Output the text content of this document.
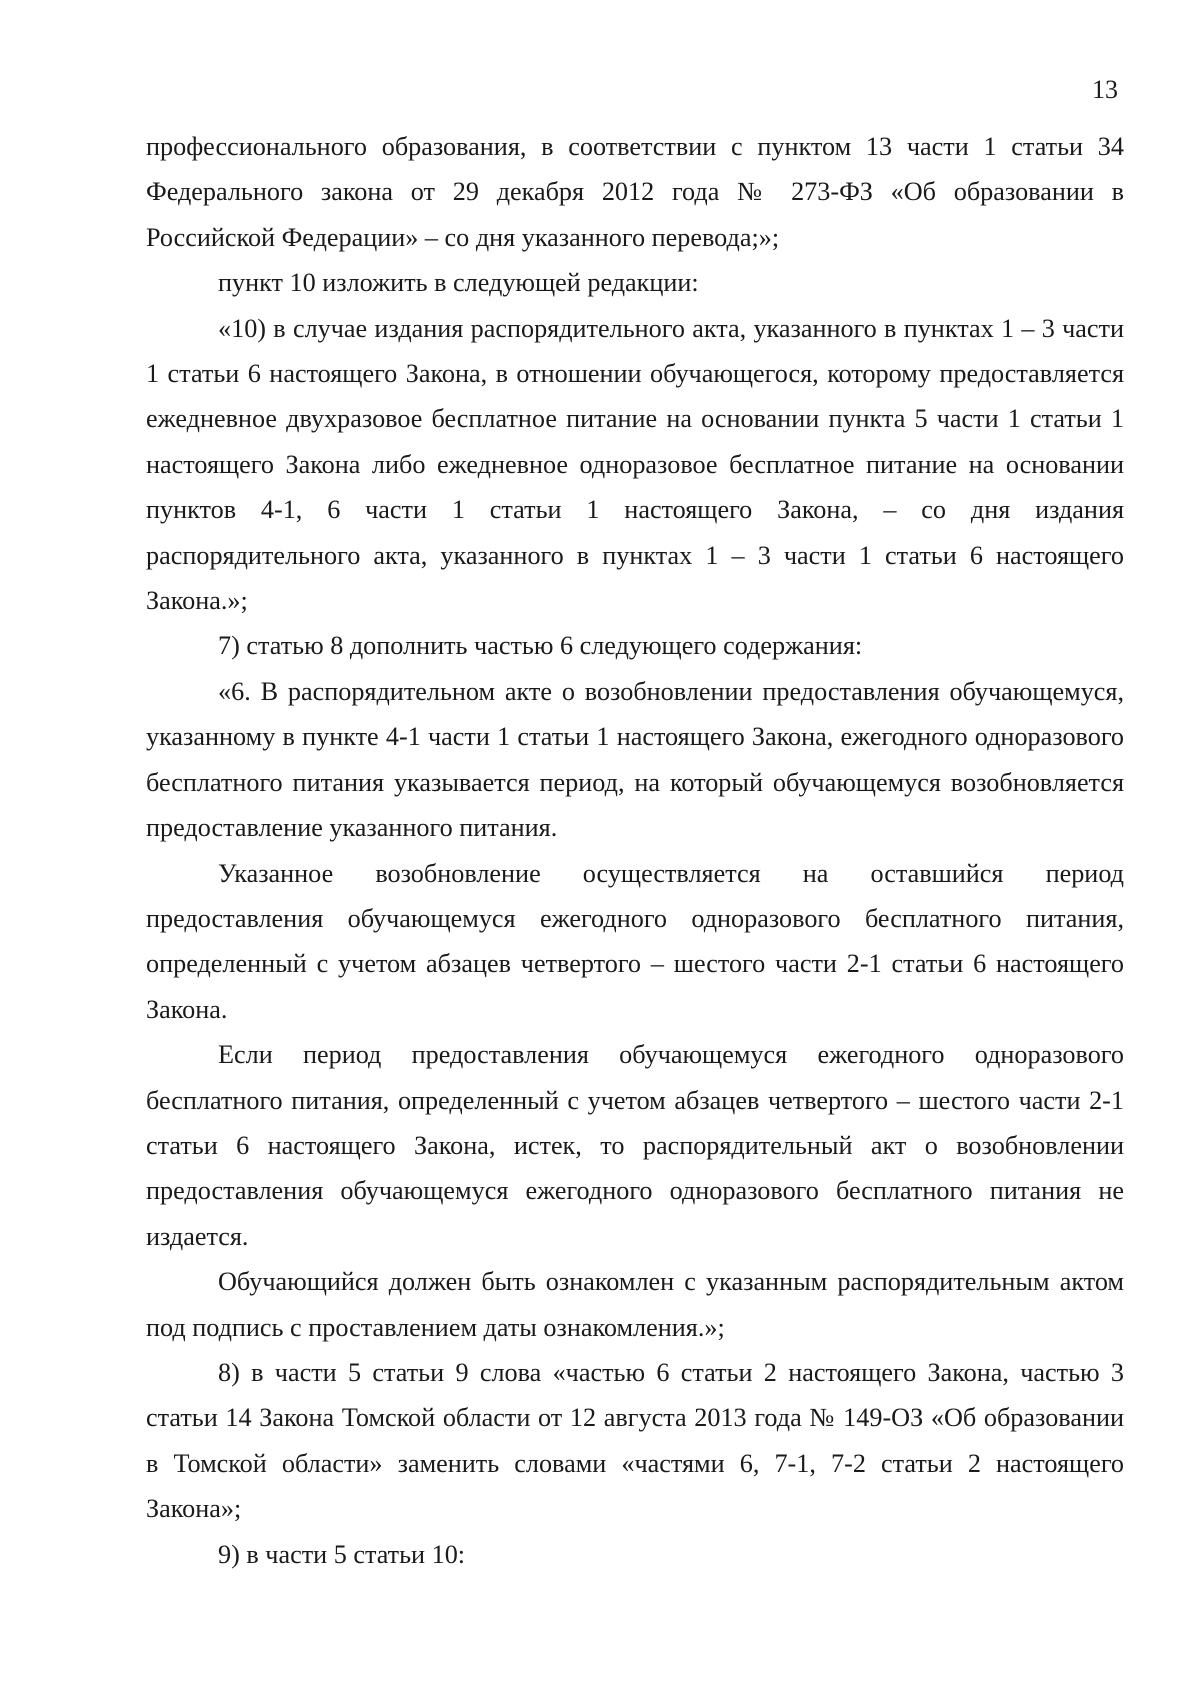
13

профессионального образования, в соответствии с пунктом 13 части 1 статьи 34 Федерального закона от 29 декабря 2012 года № 273-ФЗ «Об образовании в Российской Федерации» – со дня указанного перевода;»;

пункт 10 изложить в следующей редакции:

«10) в случае издания распорядительного акта, указанного в пунктах 1 – 3 части 1 статьи 6 настоящего Закона, в отношении обучающегося, которому предоставляется ежедневное двухразовое бесплатное питание на основании пункта 5 части 1 статьи 1 настоящего Закона либо ежедневное одноразовое бесплатное питание на основании пунктов 4-1, 6 части 1 статьи 1 настоящего Закона, – со дня издания распорядительного акта, указанного в пунктах 1 – 3 части 1 статьи 6 настоящего Закона.»;

7) статью 8 дополнить частью 6 следующего содержания:

«6. В распорядительном акте о возобновлении предоставления обучающемуся, указанному в пункте 4-1 части 1 статьи 1 настоящего Закона, ежегодного одноразового бесплатного питания указывается период, на который обучающемуся возобновляется предоставление указанного питания.

Указанное возобновление осуществляется на оставшийся период предоставления обучающемуся ежегодного одноразового бесплатного питания, определенный с учетом абзацев четвертого – шестого части 2-1 статьи 6 настоящего Закона.

Если период предоставления обучающемуся ежегодного одноразового бесплатного питания, определенный с учетом абзацев четвертого – шестого части 2-1 статьи 6 настоящего Закона, истек, то распорядительный акт о возобновлении предоставления обучающемуся ежегодного одноразового бесплатного питания не издается.

Обучающийся должен быть ознакомлен с указанным распорядительным актом под подпись с проставлением даты ознакомления.»;

8) в части 5 статьи 9 слова «частью 6 статьи 2 настоящего Закона, частью 3 статьи 14 Закона Томской области от 12 августа 2013 года № 149-ОЗ «Об образовании в Томской области» заменить словами «частями 6, 7-1, 7-2 статьи 2 настоящего Закона»;

9) в части 5 статьи 10:
